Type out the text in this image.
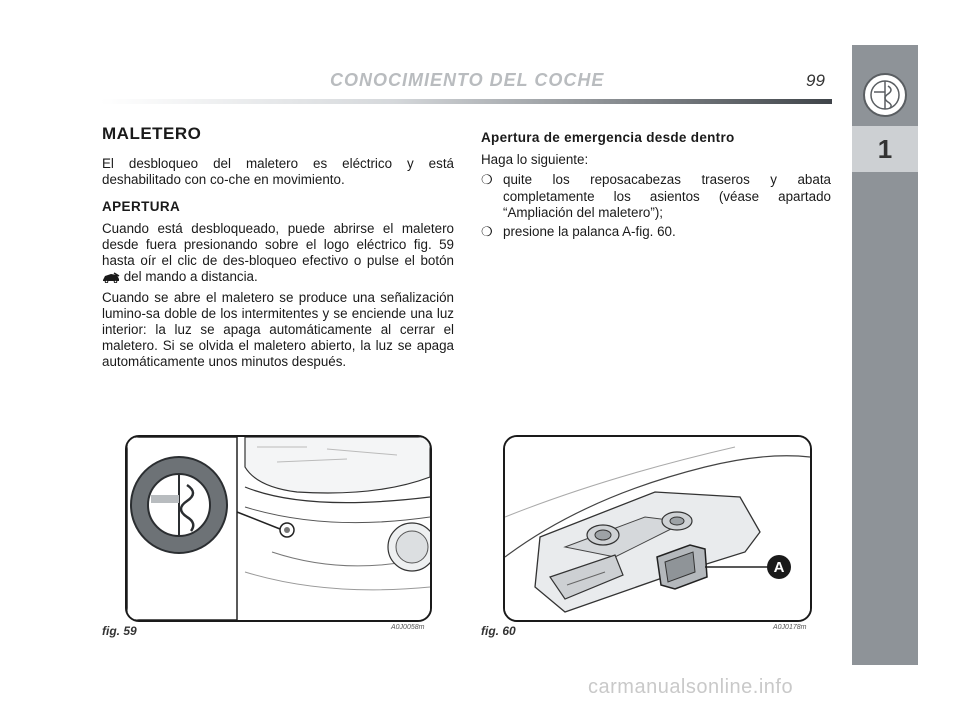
CONOCIMIENTO DEL COCHE	99
1
MALETERO

El desbloqueo del maletero es eléctrico y está deshabilitado con co-che en movimiento.

APERTURA

Cuando está desbloqueado, puede abrirse el maletero desde fuera presionando sobre el logo eléctrico fig. 59 hasta oír el clic de des-bloqueo efectivo o pulse el botón  del mando a distancia.

Cuando se abre el maletero se produce una señalización lumino-sa doble de los intermitentes y se enciende una luz interior: la luz se apaga automáticamente al cerrar el maletero. Si se olvida el maletero abierto, la luz se apaga automáticamente unos minutos después.

Apertura de emergencia desde dentro

Haga lo siguiente:

❍ quite los reposacabezas traseros y abata completamente los asientos (véase apartado “Ampliación del maletero”);
❍ presione la palanca A-fig. 60.
fig. 59	A0J0058m
A
fig. 60	A0J0178m
carmanualsonline.info
